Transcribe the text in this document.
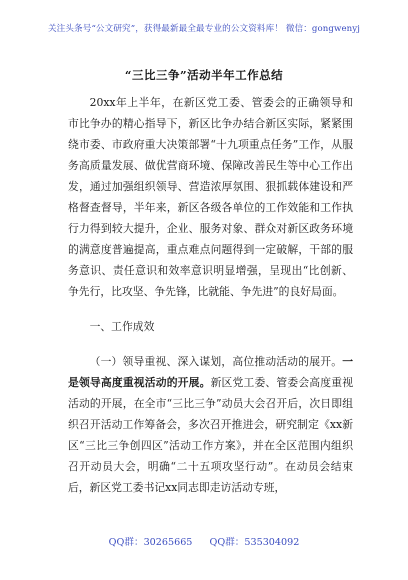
关注头条号“公文研究”，获得最新最全最专业的公文资料库！ 微信：gongwenyj
“三比三争”活动半年工作总结

20xx年上半年，在新区党工委、管委会的正确领导和市比争办的精心指导下，新区比争办结合新区实际，紧紧围绕市委、市政府重大决策部署“十九项重点任务”工作，从服务高质量发展、做优营商环境、保障改善民生等中心工作出发，通过加强组织领导、营造浓厚氛围、狠抓载体建设和严格督查督导，半年来，新区各级各单位的工作效能和工作执行力得到较大提升，企业、服务对象、群众对新区政务环境的满意度普遍提高，重点难点问题得到一定破解，干部的服务意识、责任意识和效率意识明显增强，呈现出“比创新、争先行，比攻坚、争先锋，比就能、争先进”的良好局面。

一、工作成效

（一）领导重视、深入谋划，高位推动活动的展开。一是领导高度重视活动的开展。新区党工委、管委会高度重视活动的开展，在全市“三比三争”动员大会召开后，次日即组织召开活动工作筹备会，多次召开推进会，研究制定《xx新区“三比三争创四区”活动工作方案》，并在全区范围内组织召开动员大会，明确“二十五项攻坚行动”。在动员会结束后，新区党工委书记xx同志即走访活动专班，

QQ群：30265665 QQ群：535304092
